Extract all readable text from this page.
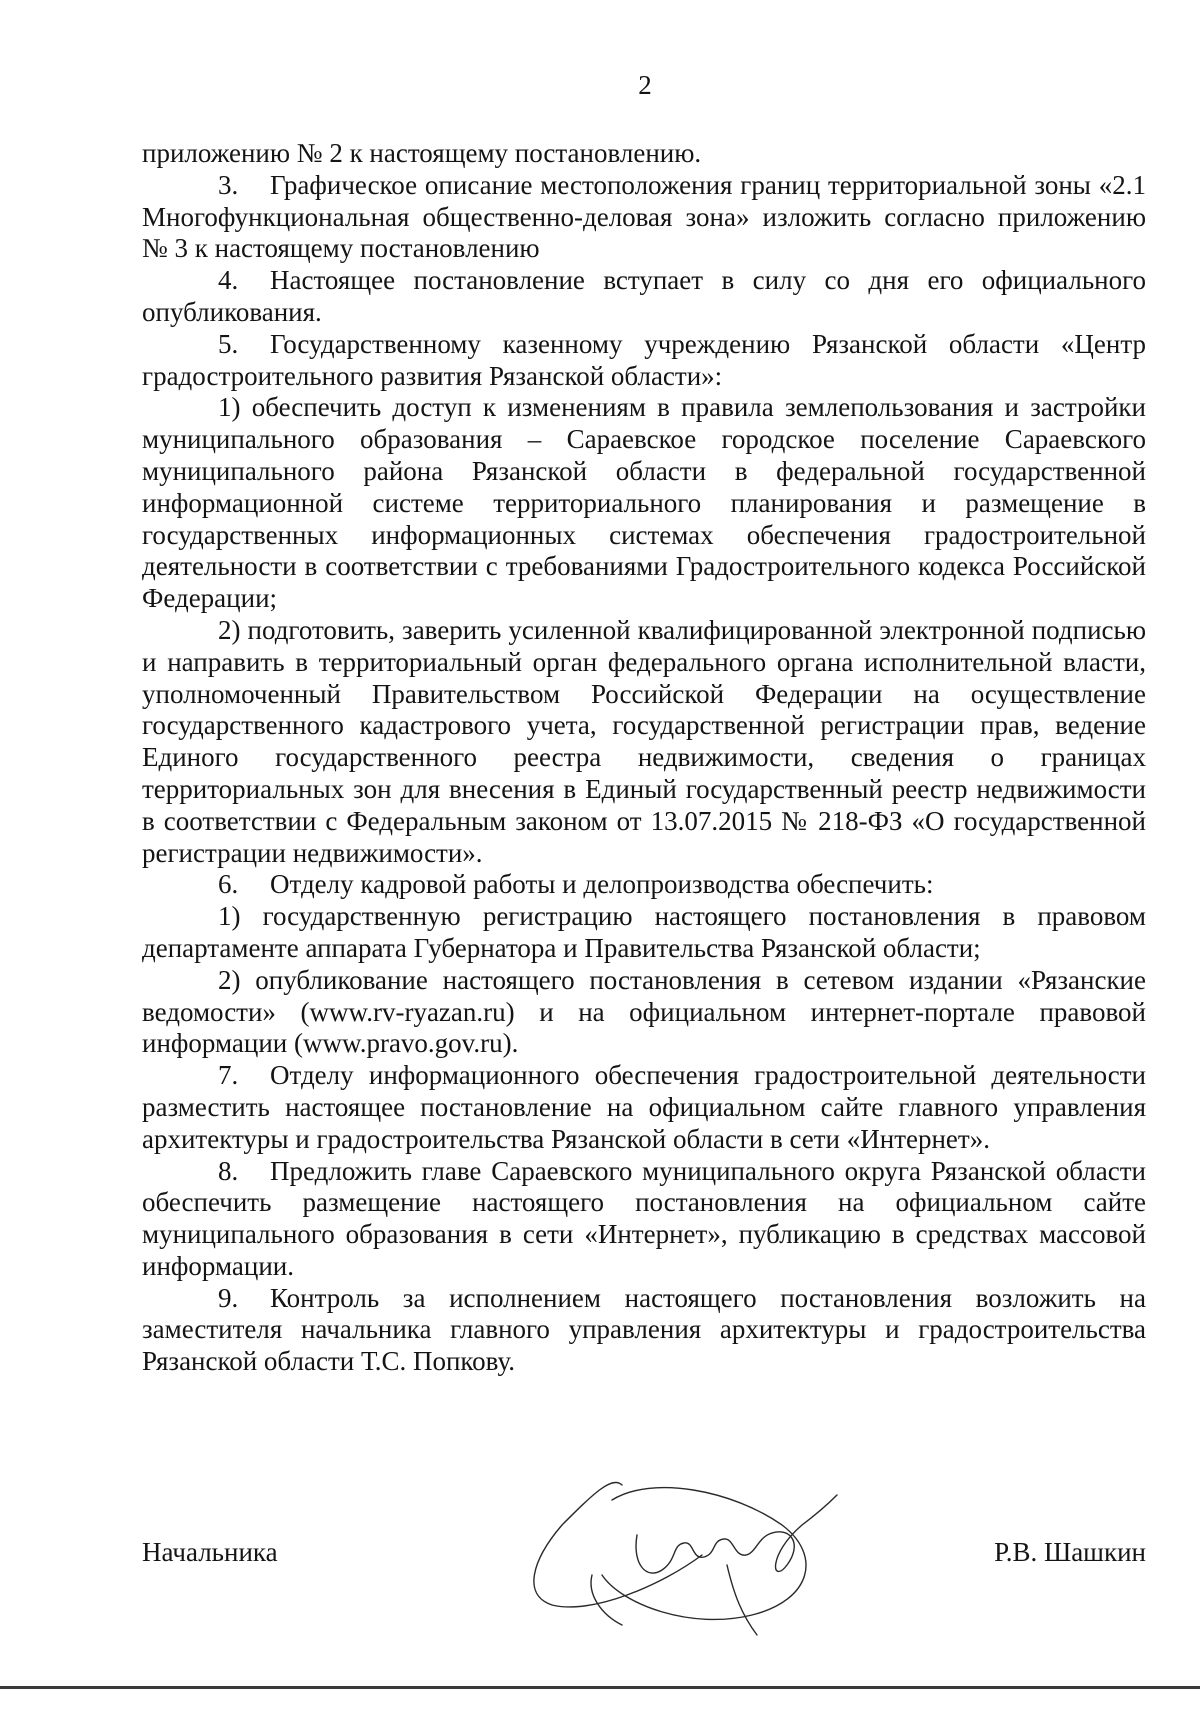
2

приложению № 2 к настоящему постановлению.

3. Графическое описание местоположения границ территориальной зоны «2.1 Многофункциональная общественно-деловая зона» изложить согласно приложению № 3 к настоящему постановлению

4. Настоящее постановление вступает в силу со дня его официального опубликования.

5. Государственному казенному учреждению Рязанской области «Центр градостроительного развития Рязанской области»:

1) обеспечить доступ к изменениям в правила землепользования и застройки муниципального образования – Сараевское городское поселение Сараевского муниципального района Рязанской области в федеральной государственной информационной системе территориального планирования и размещение в государственных информационных системах обеспечения градостроительной деятельности в соответствии с требованиями Градостроительного кодекса Российской Федерации;

2) подготовить, заверить усиленной квалифицированной электронной подписью и направить в территориальный орган федерального органа исполнительной власти, уполномоченный Правительством Российской Федерации на осуществление государственного кадастрового учета, государственной регистрации прав, ведение Единого государственного реестра недвижимости, сведения о границах территориальных зон для внесения в Единый государственный реестр недвижимости в соответствии с Федеральным законом от 13.07.2015 № 218-ФЗ «О государственной регистрации недвижимости».

6. Отделу кадровой работы и делопроизводства обеспечить:

1) государственную регистрацию настоящего постановления в правовом департаменте аппарата Губернатора и Правительства Рязанской области;

2) опубликование настоящего постановления в сетевом издании «Рязанские ведомости» (www.rv-ryazan.ru) и на официальном интернет-портале правовой информации (www.pravo.gov.ru).

7. Отделу информационного обеспечения градостроительной деятельности разместить настоящее постановление на официальном сайте главного управления архитектуры и градостроительства Рязанской области в сети «Интернет».

8. Предложить главе Сараевского муниципального округа Рязанской области обеспечить размещение настоящего постановления на официальном сайте муниципального образования в сети «Интернет», публикацию в средствах массовой информации.

9. Контроль за исполнением настоящего постановления возложить на заместителя начальника главного управления архитектуры и градостроительства Рязанской области Т.С. Попкову.

Начальника	Р.В. Шашкин
